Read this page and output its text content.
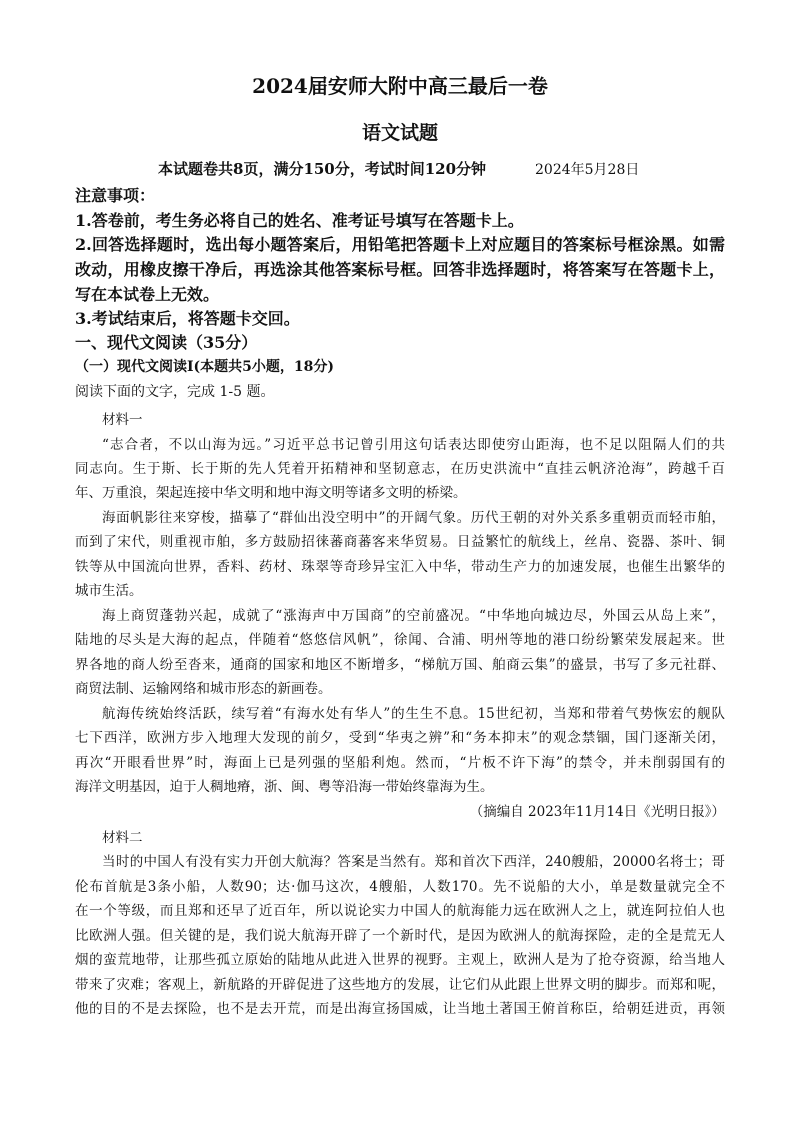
2024届安师大附中高三最后一卷
语文试题
本试题卷共8页，满分150分，考试时间120分钟	2024年5月28日
注意事项：
1.答卷前，考生务必将自己的姓名、准考证号填写在答题卡上。
2.回答选择题时，选出每小题答案后，用铅笔把答题卡上对应题目的答案标号框涂黑。如需
改动，用橡皮擦干净后，再选涂其他答案标号框。回答非选择题时，将答案写在答题卡上，
写在本试卷上无效。
3.考试结束后，将答题卡交回。
一、现代文阅读（35分）
（一）现代文阅读Ⅰ(本题共5小题，18分)
阅读下面的文字，完成 1-5 题。
材料一
“志合者，不以山海为远。”习近平总书记曾引用这句话表达即使穷山距海，也不足以阻隔人们的共
同志向。生于斯、长于斯的先人凭着开拓精神和坚韧意志，在历史洪流中“直挂云帆济沧海”，跨越千百
年、万重浪，架起连接中华文明和地中海文明等诸多文明的桥梁。
海面帆影往来穿梭，描摹了“群仙出没空明中”的开阔气象。历代王朝的对外关系多重朝贡而轻市舶，
而到了宋代，则重视市舶，多方鼓励招徕蕃商蕃客来华贸易。日益繁忙的航线上，丝帛、瓷器、茶叶、铜
铁等从中国流向世界，香料、药材、珠翠等奇珍异宝汇入中华，带动生产力的加速发展，也催生出繁华的
城市生活。
海上商贸蓬勃兴起，成就了“涨海声中万国商”的空前盛况。“中华地向城边尽，外国云从岛上来”，
陆地的尽头是大海的起点，伴随着“悠悠信风帆”，徐闻、合浦、明州等地的港口纷纷繁荣发展起来。世
界各地的商人纷至沓来，通商的国家和地区不断增多，“梯航万国、舶商云集”的盛景，书写了多元社群、
商贸法制、运输网络和城市形态的新画卷。
航海传统始终活跃，续写着“有海水处有华人”的生生不息。15世纪初，当郑和带着气势恢宏的舰队
七下西洋，欧洲方步入地理大发现的前夕，受到“华夷之辨”和“务本抑末”的观念禁锢，国门逐渐关闭，
再次“开眼看世界”时，海面上已是列强的坚船利炮。然而，“片板不许下海”的禁令，并未削弱国有的
海洋文明基因，迫于人稠地瘠，浙、闽、粤等沿海一带始终靠海为生。
（摘编自 2023年11月14日《光明日报》）
材料二
当时的中国人有没有实力开创大航海？答案是当然有。郑和首次下西洋，240艘船，20000名将士；哥
伦布首航是3条小船，人数90；达·伽马这次，4艘船，人数170。先不说船的大小，单是数量就完全不
在一个等级，而且郑和还早了近百年，所以说论实力中国人的航海能力远在欧洲人之上，就连阿拉伯人也
比欧洲人强。但关键的是，我们说大航海开辟了一个新时代，是因为欧洲人的航海探险，走的全是荒无人
烟的蛮荒地带，让那些孤立原始的陆地从此进入世界的视野。主观上，欧洲人是为了抢夺资源，给当地人
带来了灾难；客观上，新航路的开辟促进了这些地方的发展，让它们从此跟上世界文明的脚步。而郑和呢，
他的目的不是去探险，也不是去开荒，而是出海宣扬国威，让当地土著国王俯首称臣，给朝廷进贡，再领
